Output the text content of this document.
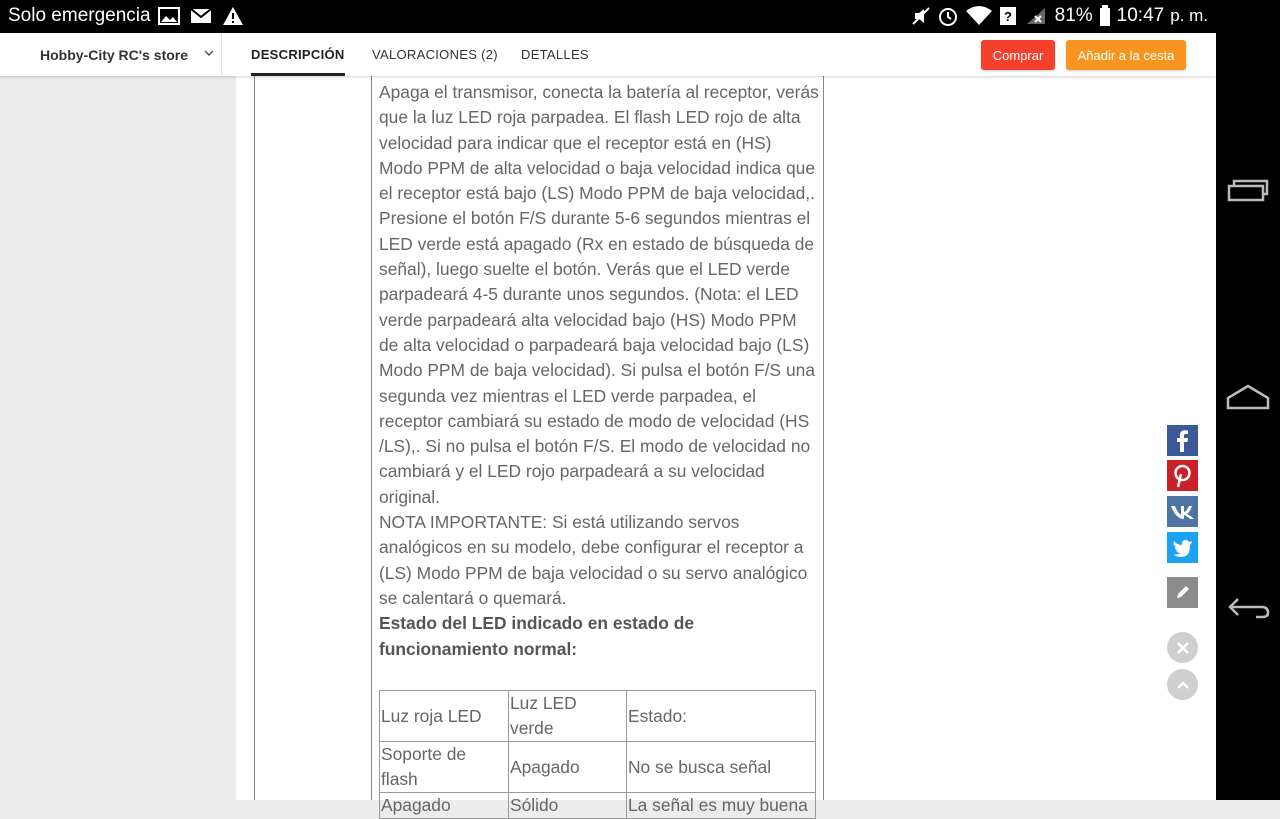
Solo emergencia	? 81% 10:47 p. m.

Apaga el transmisor, conecta la batería al receptor, verás que la luz LED roja parpadea. El flash LED rojo de alta velocidad para indicar que el receptor está en (HS) Modo PPM de alta velocidad o baja velocidad indica que el receptor está bajo (LS) Modo PPM de baja velocidad,. Presione el botón F/S durante 5-6 segundos mientras el LED verde está apagado (Rx en estado de búsqueda de señal), luego suelte el botón. Verás que el LED verde parpadeará 4-5 durante unos segundos. (Nota: el LED verde parpadeará alta velocidad bajo (HS) Modo PPM de alta velocidad o parpadeará baja velocidad bajo (LS) Modo PPM de baja velocidad). Si pulsa el botón F/S una segunda vez mientras el LED verde parpadea, el receptor cambiará su estado de modo de velocidad (HS /LS),. Si no pulsa el botón F/S. El modo de velocidad no cambiará y el LED rojo parpadeará a su velocidad original.

NOTA IMPORTANTE: Si está utilizando servos analógicos en su modelo, debe configurar el receptor a (LS) Modo PPM de baja velocidad o su servo analógico se calentará o quemará.

Estado del LED indicado en estado de funcionamiento normal:

Luz roja LED	Luz LED verde	Estado:
Soporte de flash	Apagado	No se busca señal
Apagado	Sólido	La señal es muy buena
Hobby-City RC's store	DESCRIPCIÓN VALORACIONES (2) DETALLES	Comprar	Añadir a la cesta
